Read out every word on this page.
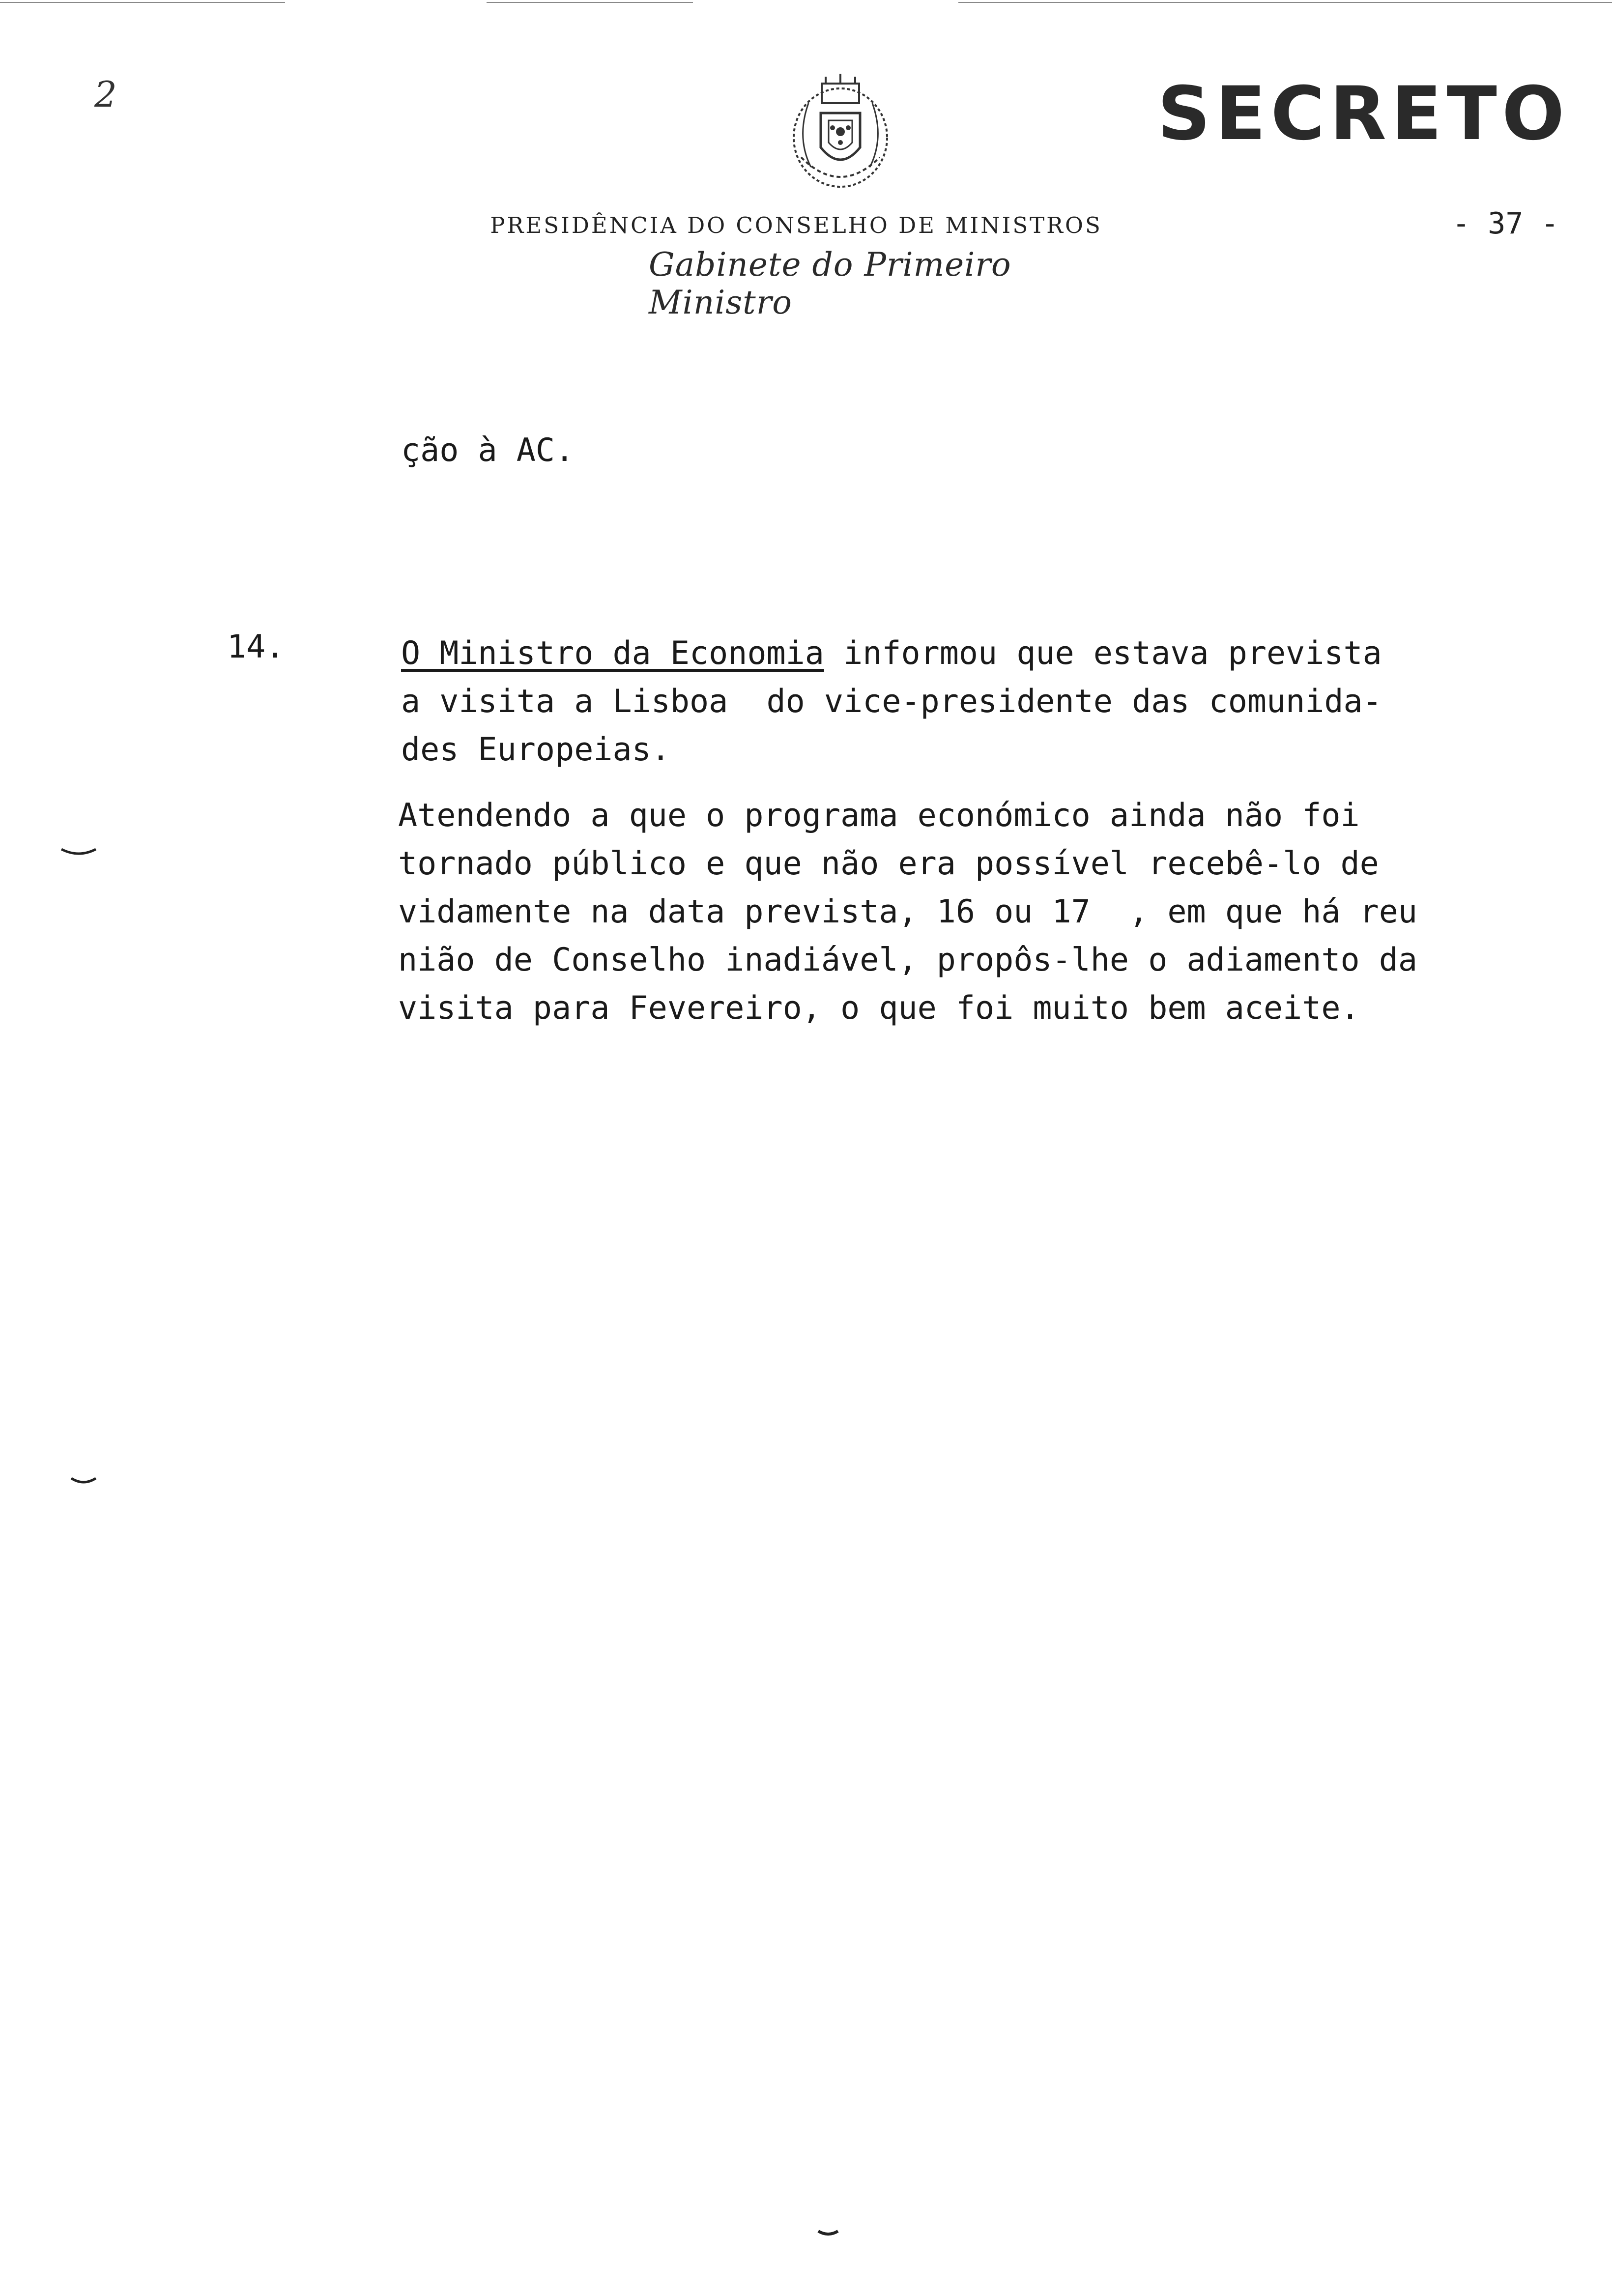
2	SECRETO
PRESIDÊNCIA DO CONSELHO DE MINISTROS
Gabinete do Primeiro Ministro
- 37 -
ção à AC.
14.	O Ministro da Economia informou que estava prevista
a visita a Lisboa  do vice-presidente das comunida-
des Europeias.
Atendendo a que o programa económico ainda não foi
tornado público e que não era possível recebê-lo de
vidamente na data prevista, 16 ou 17  , em que há reu
nião de Conselho inadiável, propôs-lhe o adiamento da
visita para Fevereiro, o que foi muito bem aceite.
